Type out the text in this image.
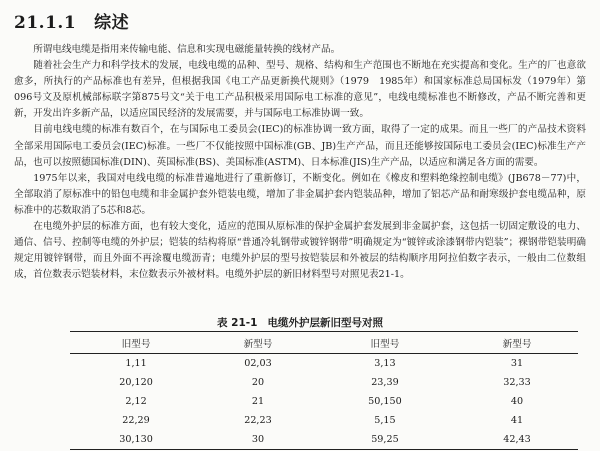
21.1.1 综述

所谓电线电缆是指用来传输电能、信息和实现电磁能量转换的线材产品。

随着社会生产力和科学技术的发展，电线电缆的品种、型号、规格、结构和生产范围也不断地在充实提高和变化。生产的厂也意欲愈多，所执行的产品标准也有差异，但根据我国《电工产品更新换代规则》（1979　1985年）和国家标准总局国标发（1979年）第096号文及原机械部标联字第875号文“关于电工产品积极采用国际电工标准的意见”，电线电缆标准也不断修改，产品不断完善和更新，开发出许多新产品，以适应国民经济的发展需要，并与国际电工标准协调一致。

目前电线电缆的标准有数百个，在与国际电工委员会(IEC)的标准协调一致方面，取得了一定的成果。而且一些厂的产品技术资料全部采用国际电工委员会(IEC)标准。一些厂不仅能按照中国标准(GB、JB)生产产品，而且还能够按国际电工委员会(IEC)标准生产产品，也可以按照德国标准(DIN)、英国标准(BS)、美国标准(ASTM)、日本标准(JIS)生产产品，以适应和满足各方面的需要。

1975年以来，我国对电线电缆的标准普遍地进行了重新修订，不断变化。例如在《橡皮和塑料绝缘控制电缆》(JB678－77)中，全部取消了原标准中的铅包电缆和非金属护套外铠装电缆，增加了非金属护套内铠装品种，增加了铝芯产品和耐寒级护套电缆品种，原标准中的芯数取消了5芯和8芯。

在电缆外护层的标准方面，也有较大变化，适应的范围从原标准的保护金属护套发展到非金属护套，这包括一切固定敷设的电力、通信、信号、控制等电缆的外护层；铠装的结构将原“普通冷轧钢带或镀锌钢带”明确规定为“镀锌或涂漆钢带内铠装”；裸钢带铠装明确规定用镀锌钢带，而且外面不再涂覆电缆沥青；电缆外护层的型号按铠装层和外被层的结构顺序用阿拉伯数字表示，一般由二位数组成，首位数表示铠装材料，末位数表示外被材料。电缆外护层的新旧材料型号对照见表21-1。

表 21-1 电缆外护层新旧型号对照
旧型号	新型号	旧型号	新型号
1,11	02,03	3,13	31
20,120	20	23,39	32,33
2,12	21	50,150	40
22,29	22,23	5,15	41
30,130	30	59,25	42,43
